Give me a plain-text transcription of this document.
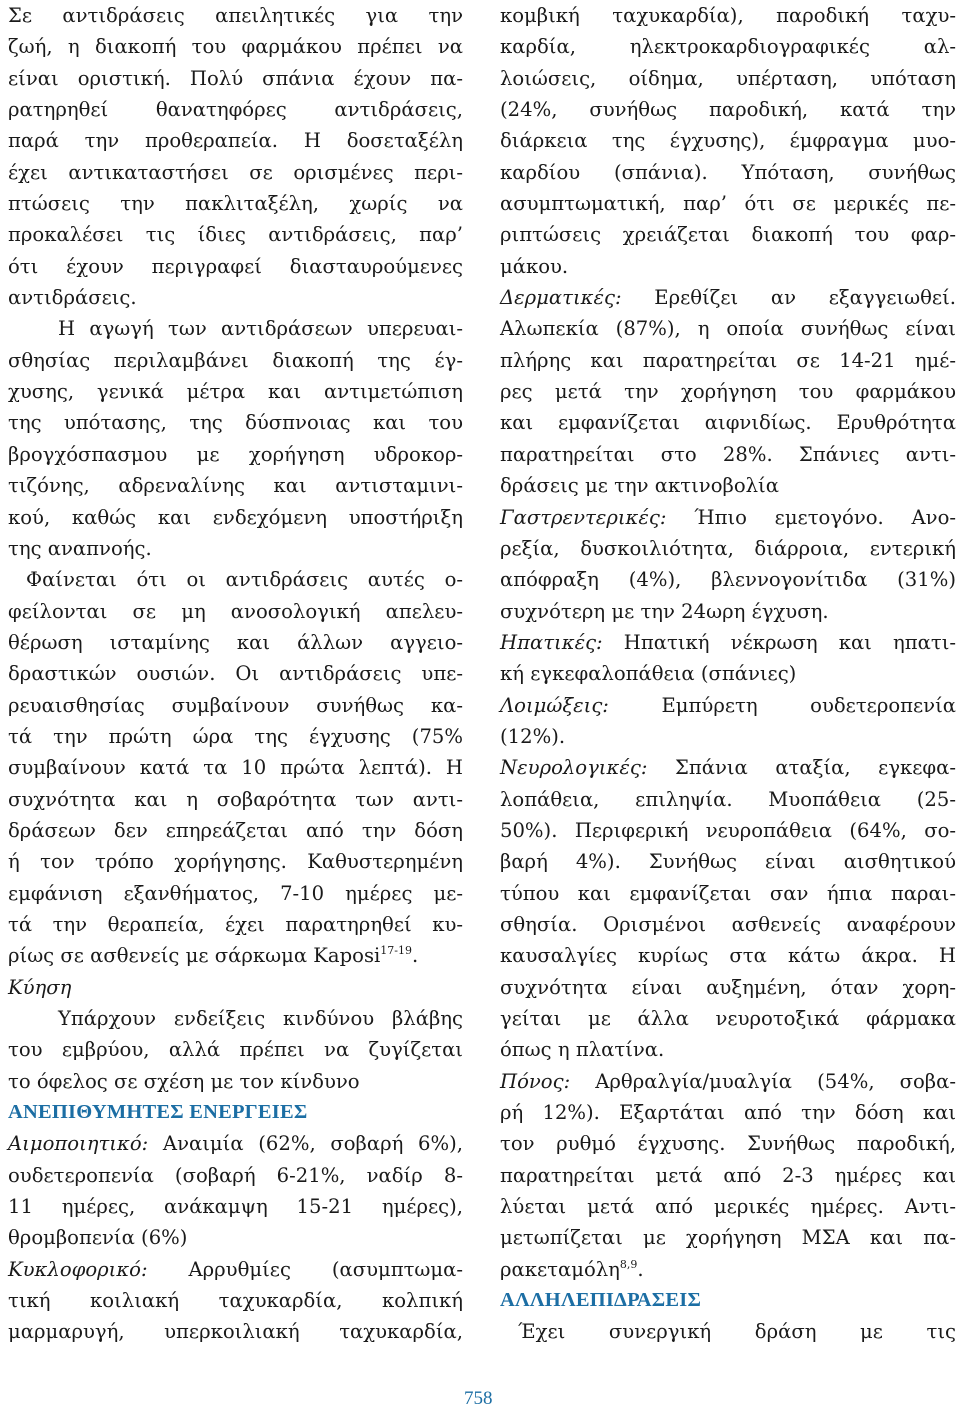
Σε αντιδράσεις απειλητικές για την
ζωή, η διακοπή του φαρμάκου πρέπει να
είναι οριστική. Πολύ σπάνια έχουν πα-
ρατηρηθεί θανατηφόρες αντιδράσεις,
παρά την προθεραπεία. Η δοσεταξέλη
έχει αντικαταστήσει σε ορισμένες περι-
πτώσεις την πακλιταξέλη, χωρίς να
προκαλέσει τις ίδιες αντιδράσεις, παρ’
ότι έχουν περιγραφεί διασταυρούμενες
αντιδράσεις.
Η αγωγή των αντιδράσεων υπερευαι-
σθησίας περιλαμβάνει διακοπή της έγ-
χυσης, γενικά μέτρα και αντιμετώπιση
της υπότασης, της δύσπνοιας και του
βρογχόσπασμου με χορήγηση υδροκορ-
τιζόνης, αδρεναλίνης και αντισταμινι-
κού, καθώς και ενδεχόμενη υποστήριξη
της αναπνοής.
Φαίνεται ότι οι αντιδράσεις αυτές ο-
φείλονται σε μη ανοσολογική απελευ-
θέρωση ισταμίνης και άλλων αγγειο-
δραστικών ουσιών. Οι αντιδράσεις υπε-
ρευαισθησίας συμβαίνουν συνήθως κα-
τά την πρώτη ώρα της έγχυσης (75%
συμβαίνουν κατά τα 10 πρώτα λεπτά). Η
συχνότητα και η σοβαρότητα των αντι-
δράσεων δεν επηρεάζεται από την δόση
ή τον τρόπο χορήγησης. Καθυστερημένη
εμφάνιση εξανθήματος, 7-10 ημέρες με-
τά την θεραπεία, έχει παρατηρηθεί κυ-
ρίως σε ασθενείς με σάρκωμα Kaposi$^{17-19}$.
Κύηση
Υπάρχουν ενδείξεις κινδύνου βλάβης
του εμβρύου, αλλά πρέπει να ζυγίζεται
το όφελος σε σχέση με τον κίνδυνο
ΑΝΕΠΙΘΥΜΗΤΕΣ ΕΝΕΡΓΕΙΕΣ
Αιμοποιητικό: Αναιμία (62%, σοβαρή 6%),
ουδετεροπενία (σοβαρή 6-21%, ναδίρ 8-
11 ημέρες, ανάκαμψη 15-21 ημέρες),
θρομβοπενία (6%)
Κυκλοφορικό: Αρρυθμίες (ασυμπτωμα-
τική κοιλιακή ταχυκαρδία, κολπική
μαρμαρυγή, υπερκοιλιακή ταχυκαρδία,
κομβική ταχυκαρδία), παροδική ταχυ-
καρδία, ηλεκτροκαρδιογραφικές αλ-
λοιώσεις, οίδημα, υπέρταση, υπόταση
(24%, συνήθως παροδική, κατά την
διάρκεια της έγχυσης), έμφραγμα μυο-
καρδίου (σπάνια). Υπόταση, συνήθως
ασυμπτωματική, παρ’ ότι σε μερικές πε-
ριπτώσεις χρειάζεται διακοπή του φαρ-
μάκου.
Δερματικές: Ερεθίζει αν εξαγγειωθεί.
Αλωπεκία (87%), η οποία συνήθως είναι
πλήρης και παρατηρείται σε 14-21 ημέ-
ρες μετά την χορήγηση του φαρμάκου
και εμφανίζεται αιφνιδίως. Ερυθρότητα
παρατηρείται στο 28%. Σπάνιες αντι-
δράσεις με την ακτινοβολία
Γαστρεντερικές: Ήπιο εμετογόνο. Ανο-
ρεξία, δυσκοιλιότητα, διάρροια, εντερική
απόφραξη (4%), βλεννογονίτιδα (31%)
συχνότερη με την 24ωρη έγχυση.
Ηπατικές: Ηπατική νέκρωση και ηπατι-
κή εγκεφαλοπάθεια (σπάνιες)
Λοιμώξεις: Εμπύρετη ουδετεροπενία
(12%).
Νευρολογικές: Σπάνια αταξία, εγκεφα-
λοπάθεια, επιληψία. Μυοπάθεια (25-
50%). Περιφερική νευροπάθεια (64%, σο-
βαρή 4%). Συνήθως είναι αισθητικού
τύπου και εμφανίζεται σαν ήπια παραι-
σθησία. Ορισμένοι ασθενείς αναφέρουν
καυσαλγίες κυρίως στα κάτω άκρα. Η
συχνότητα είναι αυξημένη, όταν χορη-
γείται με άλλα νευροτοξικά φάρμακα
όπως η πλατίνα.
Πόνος: Αρθραλγία/μυαλγία (54%, σοβα-
ρή 12%). Εξαρτάται από την δόση και
τον ρυθμό έγχυσης. Συνήθως παροδική,
παρατηρείται μετά από 2-3 ημέρες και
λύεται μετά από μερικές ημέρες. Αντι-
μετωπίζεται με χορήγηση ΜΣΑ και πα-
ρακεταμόλη$^{8,9}$.
ΑΛΛΗΛΕΠΙΔΡΑΣΕΙΣ
Έχει συνεργική δράση με τις
758
